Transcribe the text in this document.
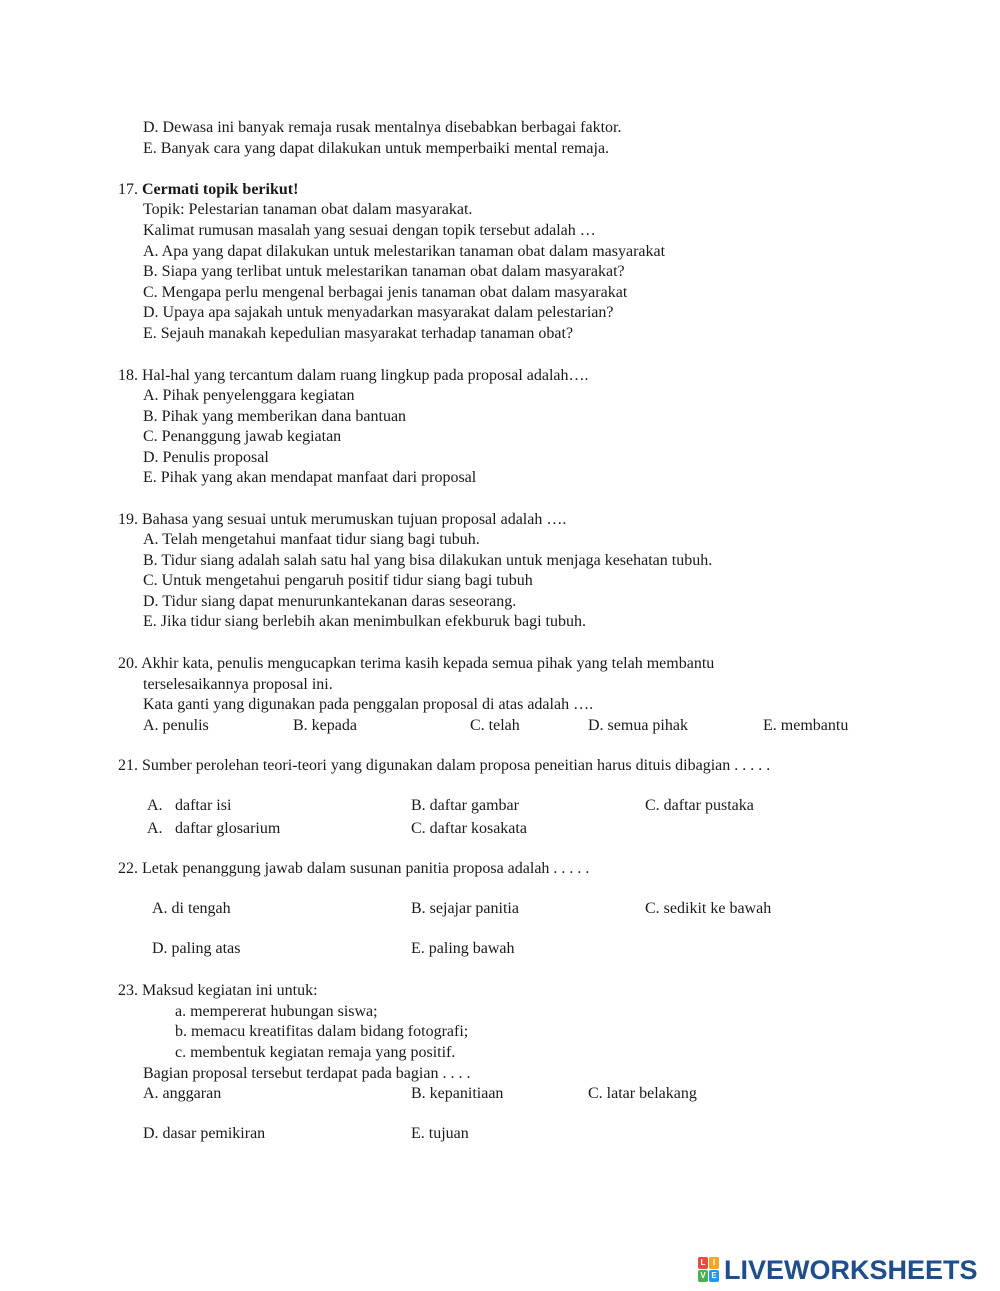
D. Dewasa ini banyak remaja rusak mentalnya disebabkan berbagai faktor.
E. Banyak cara yang dapat dilakukan untuk memperbaiki mental remaja.
17. Cermati topik berikut!
Topik: Pelestarian tanaman obat dalam masyarakat.
Kalimat rumusan masalah yang sesuai dengan topik tersebut adalah …
A. Apa yang dapat dilakukan untuk melestarikan tanaman obat dalam masyarakat
B. Siapa yang terlibat untuk melestarikan tanaman obat dalam masyarakat?
C. Mengapa perlu mengenal berbagai jenis tanaman obat dalam masyarakat
D. Upaya apa sajakah untuk menyadarkan masyarakat dalam pelestarian?
E. Sejauh manakah kepedulian masyarakat terhadap tanaman obat?
18. Hal-hal yang tercantum dalam ruang lingkup pada proposal adalah….
A. Pihak penyelenggara kegiatan
B. Pihak yang memberikan dana bantuan
C. Penanggung jawab kegiatan
D. Penulis proposal
E. Pihak yang akan mendapat manfaat dari proposal
19. Bahasa yang sesuai untuk merumuskan tujuan proposal adalah ….
A. Telah mengetahui manfaat tidur siang bagi tubuh.
B. Tidur siang adalah salah satu hal yang bisa dilakukan untuk menjaga kesehatan tubuh.
C. Untuk mengetahui pengaruh positif tidur siang bagi tubuh
D. Tidur siang dapat menurunkantekanan daras seseorang.
E. Jika tidur siang berlebih akan menimbulkan efekburuk bagi tubuh.
20. Akhir kata, penulis mengucapkan terima kasih kepada semua pihak yang telah membantu
terselesaikannya proposal ini.
Kata ganti yang digunakan pada penggalan proposal di atas adalah ….
A. penulis	B. kepada	C. telah	D. semua pihak	E. membantu
21. Sumber perolehan teori-teori yang digunakan dalam proposa peneitian harus dituis dibagian . . . . .
A. daftar isi	B. daftar gambar	C. daftar pustaka
A. daftar glosarium	C. daftar kosakata
22. Letak penanggung jawab dalam susunan panitia proposa adalah . . . . .
A. di tengah	B. sejajar panitia	C. sedikit ke bawah
D. paling atas	E. paling bawah
23. Maksud kegiatan ini untuk:
a. mempererat hubungan siswa;
b. memacu kreatifitas dalam bidang fotografi;
c. membentuk kegiatan remaja yang positif.
Bagian proposal tersebut terdapat pada bagian . . . .
A. anggaran	B. kepanitiaan	C. latar belakang
D. dasar pemikiran	E. tujuan
L I
V E LIVEWORKSHEETS
